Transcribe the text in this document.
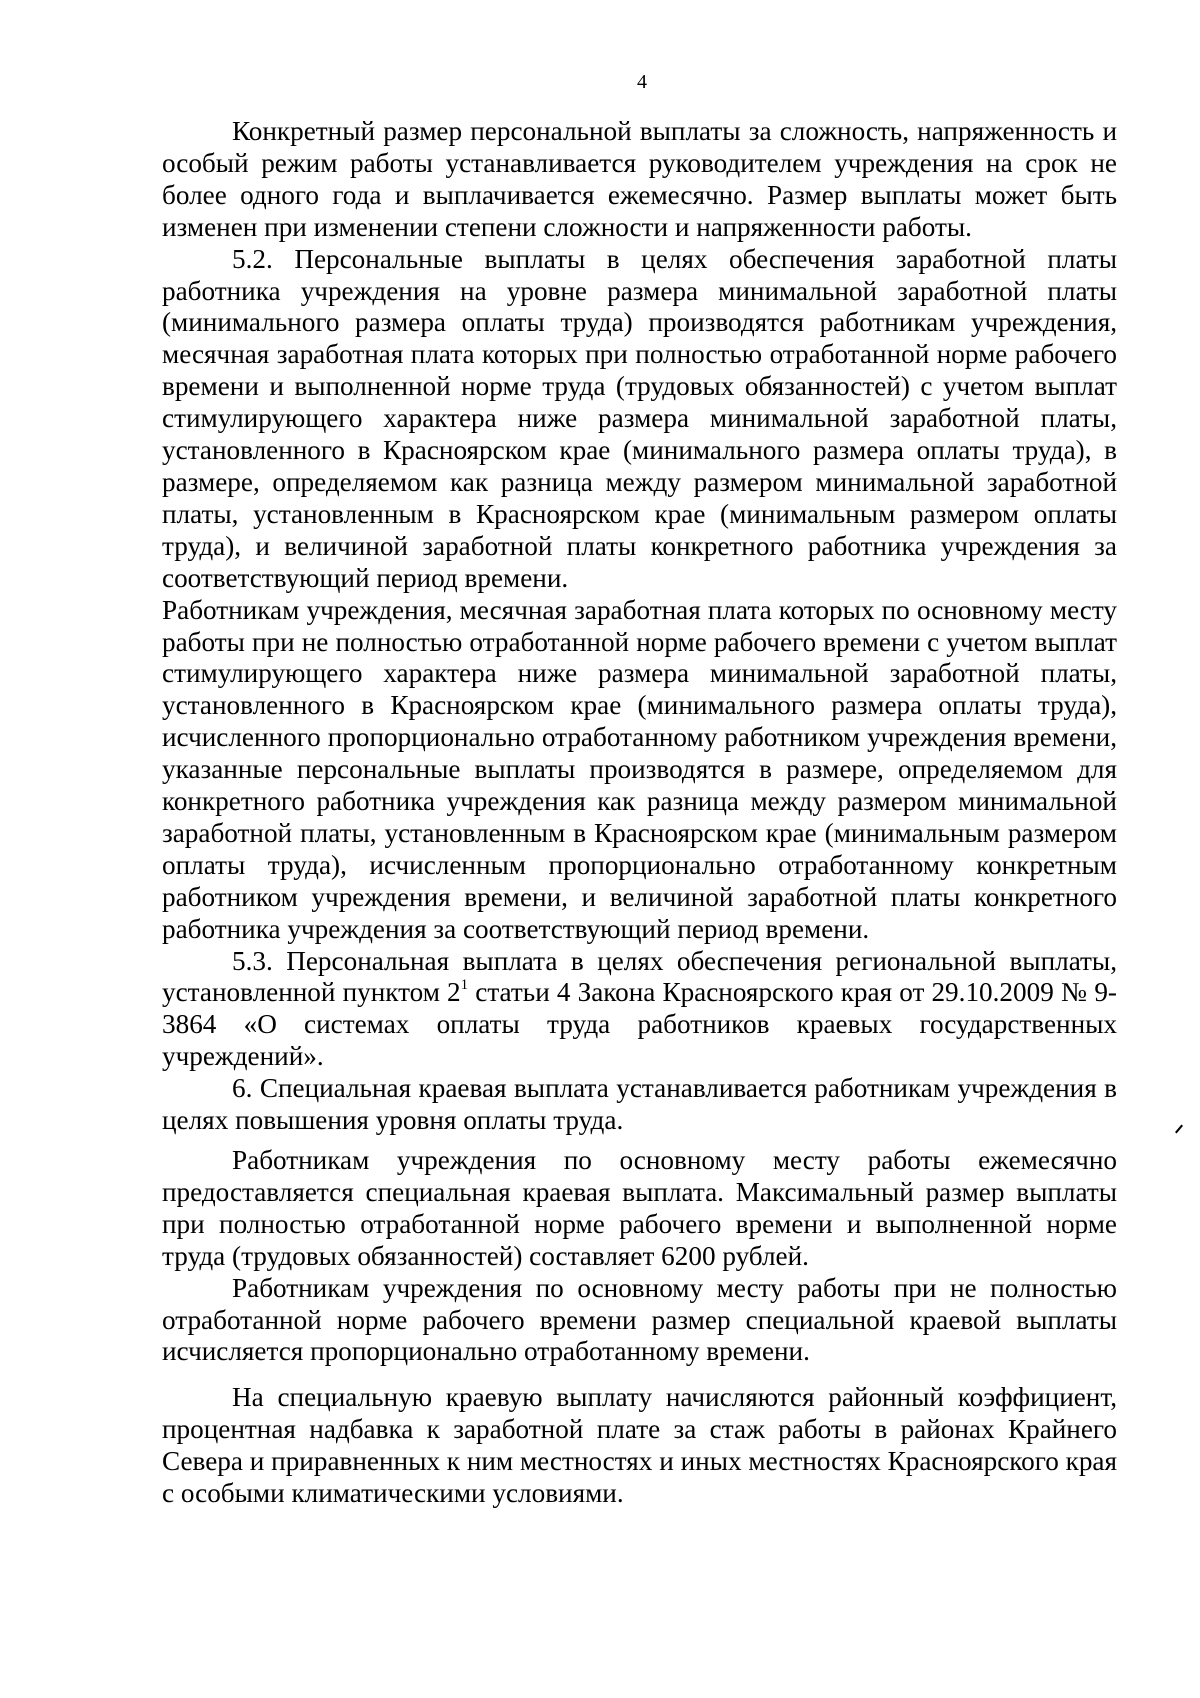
4

Конкретный размер персональной выплаты за сложность, напряженность и особый режим работы устанавливается руководителем учреждения на срок не более одного года и выплачивается ежемесячно. Размер выплаты может быть изменен при изменении степени сложности и напряженности работы.

5.2. Персональные выплаты в целях обеспечения заработной платы работника учреждения на уровне размера минимальной заработной платы (минимального размера оплаты труда) производятся работникам учреждения, месячная заработная плата которых при полностью отработанной норме рабочего времени и выполненной норме труда (трудовых обязанностей) с учетом выплат стимулирующего характера ниже размера минимальной заработной платы, установленного в Красноярском крае (минимального размера оплаты труда), в размере, определяемом как разница между размером минимальной заработной платы, установленным в Красноярском крае (минимальным размером оплаты труда), и величиной заработной платы конкретного работника учреждения за соответствующий период времени.

Работникам учреждения, месячная заработная плата которых по основному месту работы при не полностью отработанной норме рабочего времени с учетом выплат стимулирующего характера ниже размера минимальной заработной платы, установленного в Красноярском крае (минимального размера оплаты труда), исчисленного пропорционально отработанному работником учреждения времени, указанные персональные выплаты производятся в размере, определяемом для конкретного работника учреждения как разница между размером минимальной заработной платы, установленным в Красноярском крае (минимальным размером оплаты труда), исчисленным пропорционально отработанному конкретным работником учреждения времени, и величиной заработной платы конкретного работника учреждения за соответствующий период времени.

5.3. Персональная выплата в целях обеспечения региональной выплаты, установленной пунктом $2^1$ статьи 4 Закона Красноярского края от 29.10.2009 № 9-3864 «О системах оплаты труда работников краевых государственных учреждений».

6. Специальная краевая выплата устанавливается работникам учреждения в целях повышения уровня оплаты труда.

Работникам учреждения по основному месту работы ежемесячно предоставляется специальная краевая выплата. Максимальный размер выплаты при полностью отработанной норме рабочего времени и выполненной норме труда (трудовых обязанностей) составляет 6200 рублей.

Работникам учреждения по основному месту работы при не полностью отработанной норме рабочего времени размер специальной краевой выплаты исчисляется пропорционально отработанному времени.

На специальную краевую выплату начисляются районный коэффициент, процентная надбавка к заработной плате за стаж работы в районах Крайнего Севера и приравненных к ним местностях и иных местностях Красноярского края с особыми климатическими условиями.
